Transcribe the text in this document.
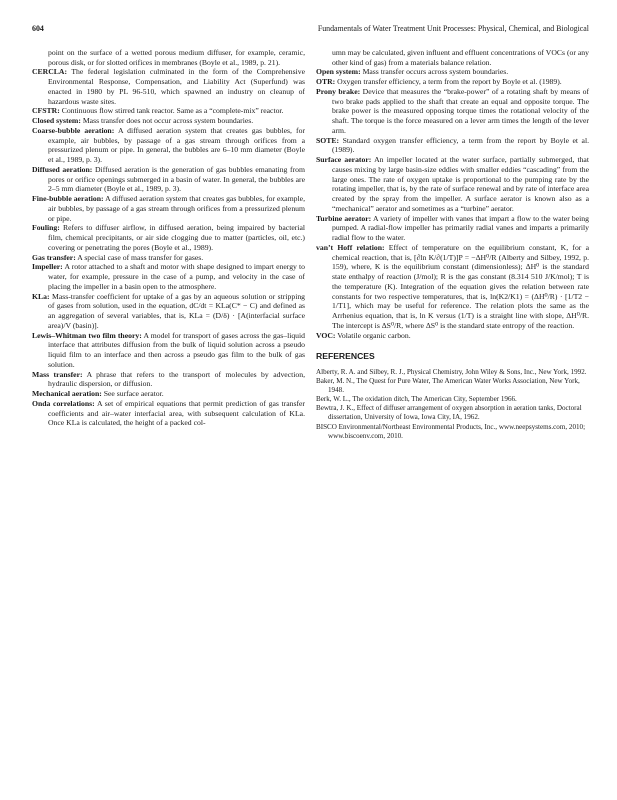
604	Fundamentals of Water Treatment Unit Processes: Physical, Chemical, and Biological

point on the surface of a wetted porous medium diffuser, for example, ceramic, porous disk, or for slotted orifices in membranes (Boyle et al., 1989, p. 21).

CERCLA: The federal legislation culminated in the form of the Comprehensive Environmental Response, Compensation, and Liability Act (Superfund) was enacted in 1980 by PL 96-510, which spawned an industry on cleanup of hazardous waste sites.

CFSTR: Continuous flow stirred tank reactor. Same as a “complete-mix” reactor.

Closed system: Mass transfer does not occur across system boundaries.

Coarse-bubble aeration: A diffused aeration system that creates gas bubbles, for example, air bubbles, by passage of a gas stream through orifices from a pressurized plenum or pipe. In general, the bubbles are 6–10 mm diameter (Boyle et al., 1989, p. 3).

Diffused aeration: Diffused aeration is the generation of gas bubbles emanating from pores or orifice openings submerged in a basin of water. In general, the bubbles are 2–5 mm diameter (Boyle et al., 1989, p. 3).

Fine-bubble aeration: A diffused aeration system that creates gas bubbles, for example, air bubbles, by passage of a gas stream through orifices from a pressurized plenum or pipe.

Fouling: Refers to diffuser airflow, in diffused aeration, being impaired by bacterial film, chemical precipitants, or air side clogging due to matter (particles, oil, etc.) covering or penetrating the pores (Boyle et al., 1989).

Gas transfer: A special case of mass transfer for gases.

Impeller: A rotor attached to a shaft and motor with shape designed to impart energy to water, for example, pressure in the case of a pump, and velocity in the case of placing the impeller in a basin open to the atmosphere.

KLa: Mass-transfer coefficient for uptake of a gas by an aqueous solution or stripping of gases from solution, used in the equation, dC/dt = KLa(C* − C) and defined as an aggregation of several variables, that is, KLa = (D/δ) · [A(interfacial surface area)/V (basin)].

Lewis–Whitman two film theory: A model for transport of gases across the gas–liquid interface that attributes diffusion from the bulk of liquid solution across a pseudo liquid film to an interface and then across a pseudo gas film to the bulk of gas solution.

Mass transfer: A phrase that refers to the transport of molecules by advection, hydraulic dispersion, or diffusion.

Mechanical aeration: See surface aerator.

Onda correlations: A set of empirical equations that permit prediction of gas transfer coefficients and air–water interfacial area, with subsequent calculation of KLa. Once KLa is calculated, the height of a packed col-

umn may be calculated, given influent and effluent concentrations of VOCs (or any other kind of gas) from a materials balance relation.

Open system: Mass transfer occurs across system boundaries.

OTR: Oxygen transfer efficiency, a term from the report by Boyle et al. (1989).

Prony brake: Device that measures the “brake-power” of a rotating shaft by means of two brake pads applied to the shaft that create an equal and opposite torque. The brake power is the measured opposing torque times the rotational velocity of the shaft. The torque is the force measured on a lever arm times the length of the lever arm.

SOTE: Standard oxygen transfer efficiency, a term from the report by Boyle et al. (1989).

Surface aerator: An impeller located at the water surface, partially submerged, that causes mixing by large basin-size eddies with smaller eddies “cascading” from the large ones. The rate of oxygen uptake is proportional to the pumping rate by the rotating impeller, that is, by the rate of surface renewal and by rate of interface area created by the spray from the impeller. A surface aerator is known also as a “mechanical” aerator and sometimes as a “turbine” aerator.

Turbine aerator: A variety of impeller with vanes that impart a flow to the water being pumped. A radial-flow impeller has primarily radial vanes and imparts a primarily radial flow to the water.

van’t Hoff relation: Effect of temperature on the equilibrium constant, K, for a chemical reaction, that is, [∂ln K/∂(1/T)]P = −ΔH⁰/R (Alberty and Silbey, 1992, p. 159), where, K is the equilibrium constant (dimensionless); ΔH⁰ is the standard state enthalpy of reaction (J/mol); R is the gas constant (8.314 510 J/K/mol); T is the temperature (K). Integration of the equation gives the relation between rate constants for two respective temperatures, that is, ln(K2/K1) = (ΔH⁰/R) · [1/T2 − 1/T1], which may be useful for reference. The relation plots the same as the Arrhenius equation, that is, ln K versus (1/T) is a straight line with slope, ΔH⁰/R. The intercept is ΔS⁰/R, where ΔS⁰ is the standard state entropy of the reaction.

VOC: Volatile organic carbon.

REFERENCES

Alberty, R. A. and Silbey, R. J., Physical Chemistry, John Wiley & Sons, Inc., New York, 1992.

Baker, M. N., The Quest for Pure Water, The American Water Works Association, New York, 1948.

Berk, W. L., The oxidation ditch, The American City, September 1966.

Bewtra, J. K., Effect of diffuser arrangement of oxygen absorption in aeration tanks, Doctoral dissertation, University of Iowa, Iowa City, IA, 1962.

BISCO Environmental/Northeast Environmental Products, Inc., www.neepsystems.com, 2010; www.biscoenv.com, 2010.
